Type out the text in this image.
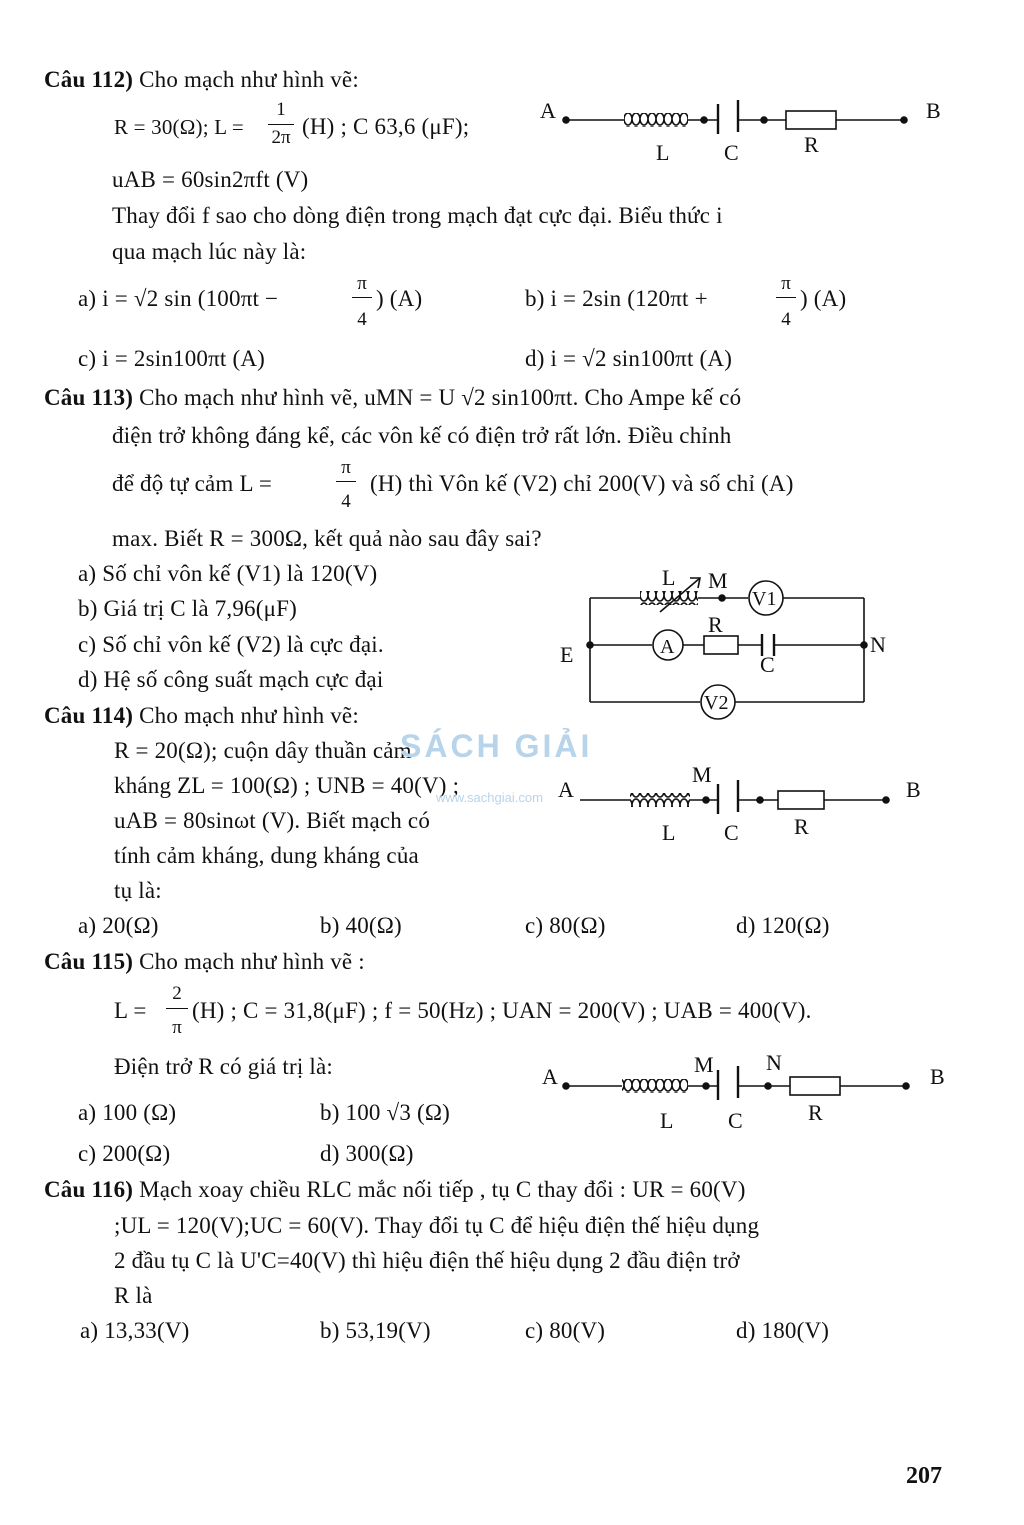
Câu 112) Cho mạch như hình vẽ:
R = 30(Ω); L =
1
2π (H) ; C 63,6 (μF);
uAB = 60sin2πft (V)
Thay đổi f sao cho dòng điện trong mạch đạt cực đại. Biểu thức i
qua mạch lúc này là:
a) i = √2 sin (100πt −
π
4
) (A)	b) i = 2sin (120πt +
π
4
) (A)
c) i = 2sin100πt (A)	d) i = √2 sin100πt (A)
Câu 113) Cho mạch như hình vẽ, uMN = U √2 sin100πt. Cho Ampe kế có
điện trở không đáng kể, các vôn kế có điện trở rất lớn. Điều chỉnh
để độ tự cảm L =
π
4
(H) thì Vôn kế (V2) chỉ 200(V) và số chỉ (A)
max. Biết R = 300Ω, kết quả nào sau đây sai?
a) Số chỉ vôn kế (V1) là 120(V)
b) Giá trị C là 7,96(μF)
c) Số chỉ vôn kế (V2) là cực đại.
d) Hệ số công suất mạch cực đại
Câu 114) Cho mạch như hình vẽ:
R = 20(Ω); cuộn dây thuần cảm
kháng ZL = 100(Ω) ; UNB = 40(V) ;
uAB = 80sinωt (V). Biết mạch có
tính cảm kháng, dung kháng của
tụ là:
a) 20(Ω)	b) 40(Ω)	c) 80(Ω)	d) 120(Ω)
Câu 115) Cho mạch như hình vẽ :
L =
2
π
(H) ; C = 31,8(μF) ; f = 50(Hz) ; UAN = 200(V) ; UAB = 400(V).
Điện trở R có giá trị là:
a) 100 (Ω)	b) 100 √3 (Ω)
c) 200(Ω)	d) 300(Ω)
Câu 116) Mạch xoay chiều RLC mắc nối tiếp , tụ C thay đổi : UR = 60(V)
;UL = 120(V);UC = 60(V). Thay đổi tụ C để hiệu điện thế hiệu dụng
2 đầu tụ C là U'C=40(V) thì hiệu điện thế hiệu dụng 2 đầu điện trở
R là
a) 13,33(V)	b) 53,19(V)	c) 80(V)	d) 180(V)
SÁCH GIẢI
www.sachgiai.com
207
A	B
L C	R
L M
V1
R
A
C
E	N
V2
A
M
B
L C	R
A	M N
B
L C	R
